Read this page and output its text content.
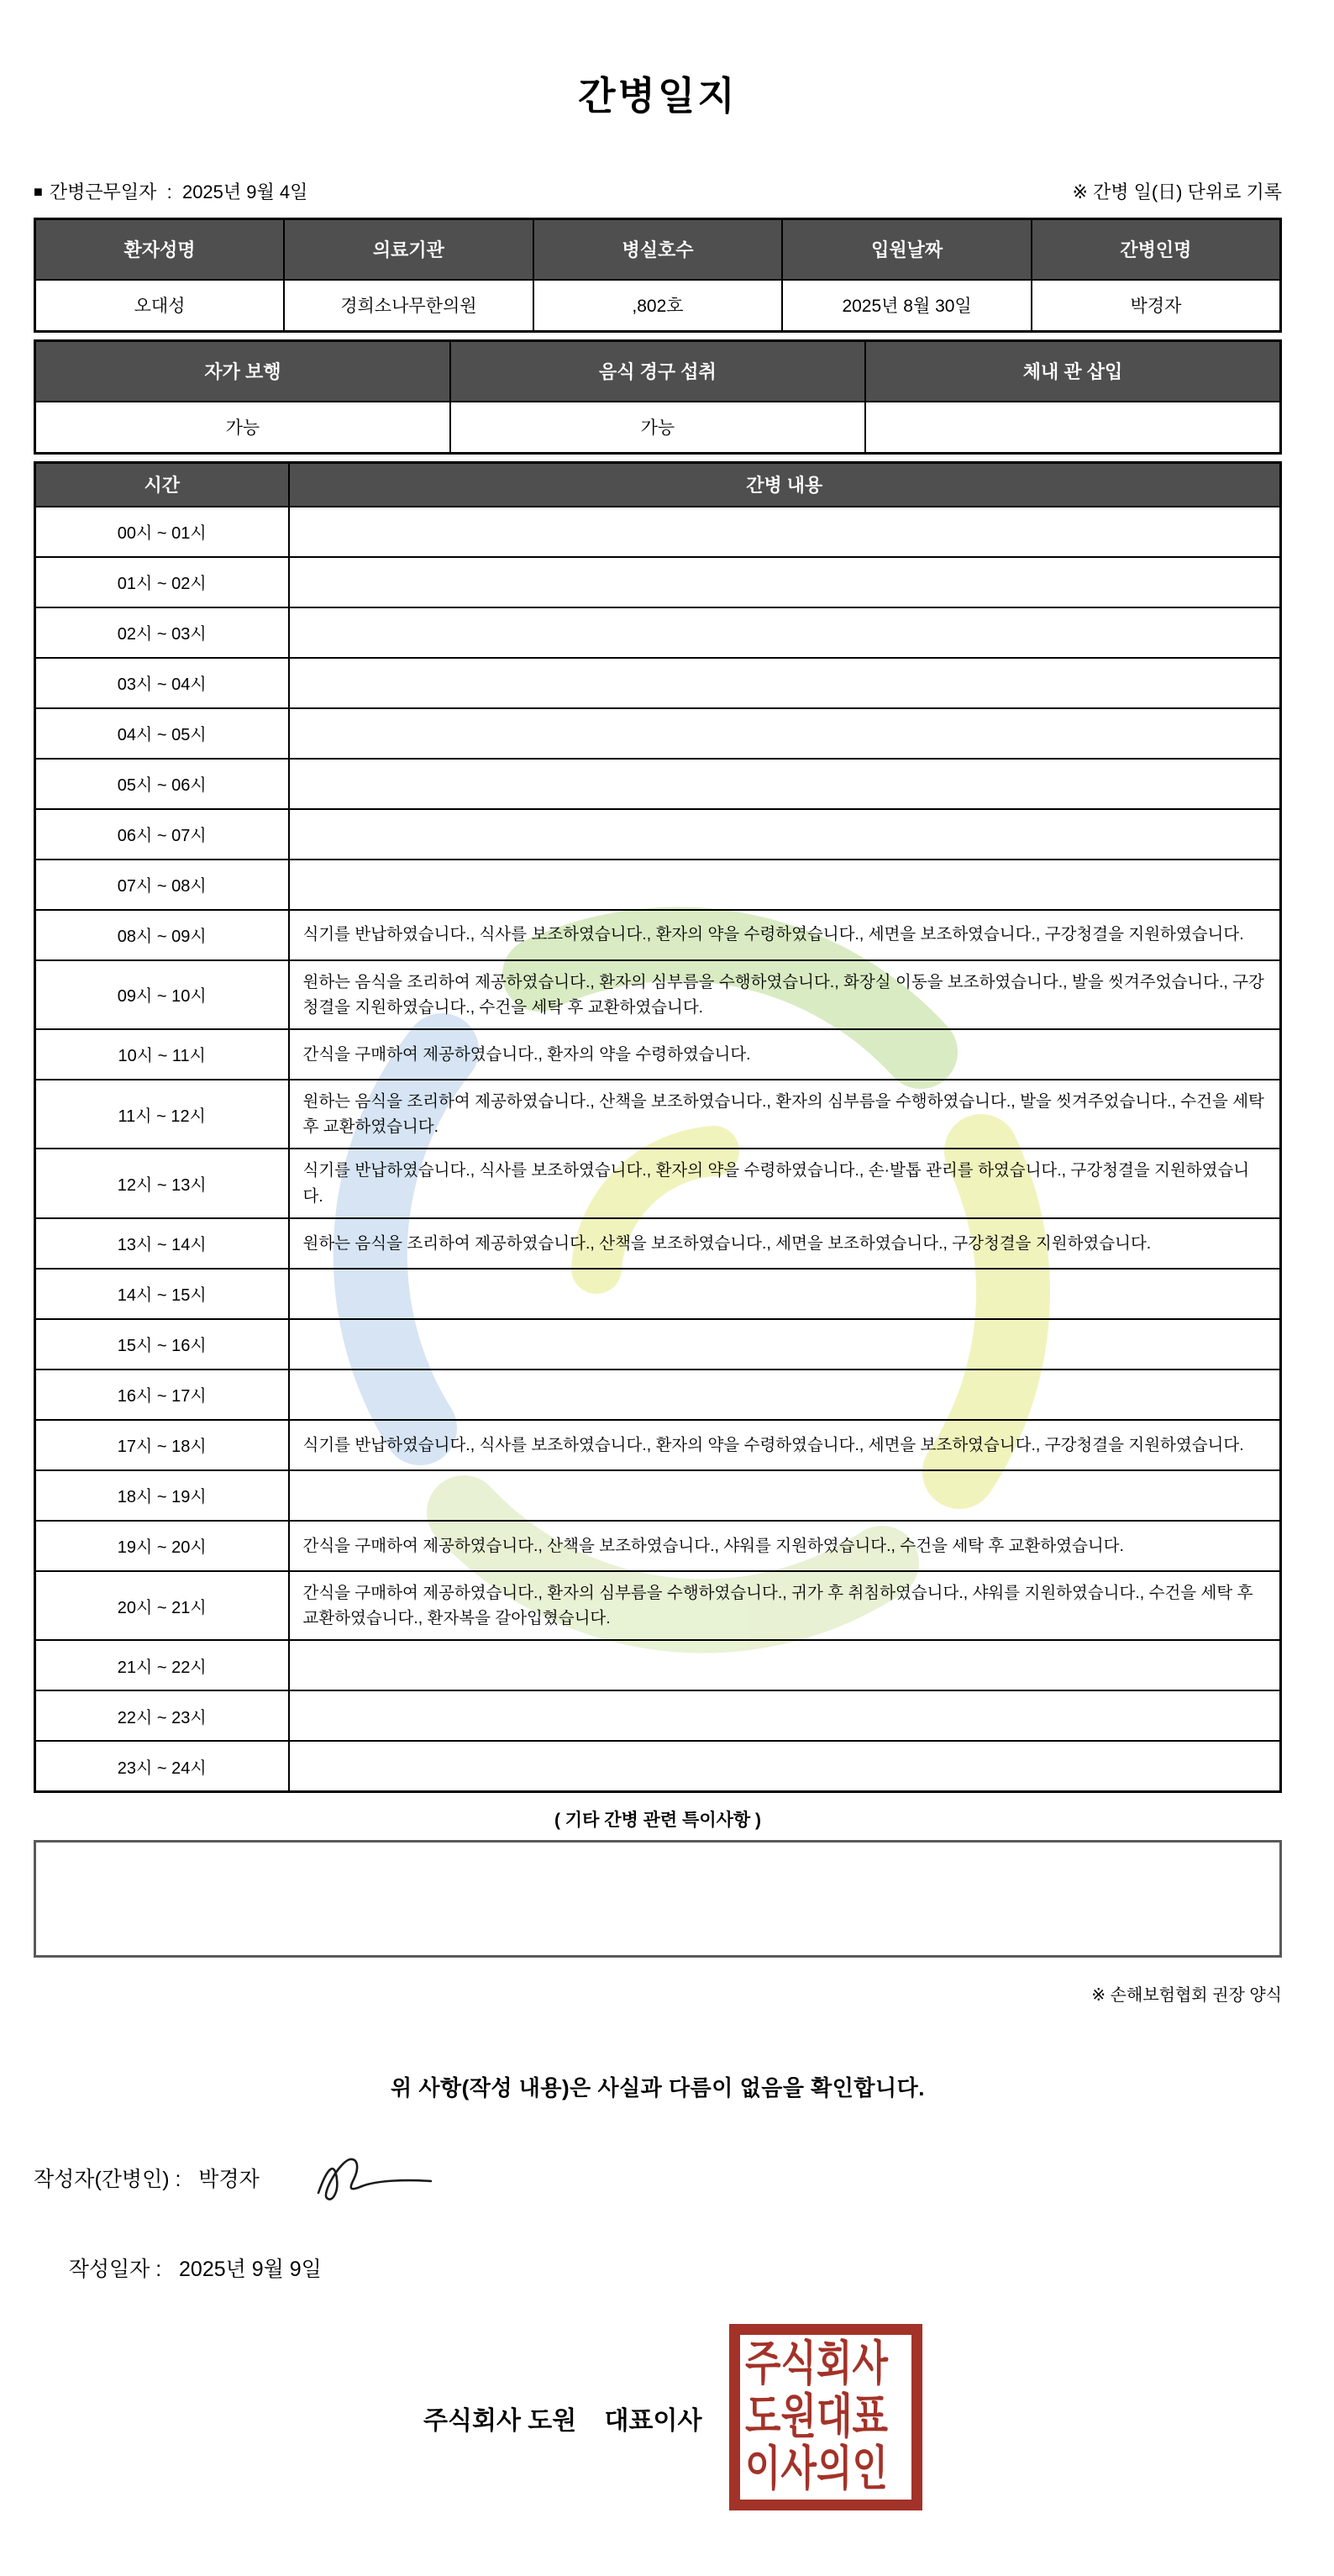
간병일지
■ 간병근무일자  :  2025년 9월 4일	※ 간병 일(日) 단위로 기록
환자성명	의료기관	병실호수	입원날짜	간병인명
오대성	경희소나무한의원	,802호	2025년 8월 30일	박경자
자가 보행	음식 경구 섭취	체내 관 삽입
가능	가능	
시간	간병 내용
00시 ~ 01시	
01시 ~ 02시	
02시 ~ 03시	
03시 ~ 04시	
04시 ~ 05시	
05시 ~ 06시	
06시 ~ 07시	
07시 ~ 08시	
08시 ~ 09시	식기를 반납하였습니다., 식사를 보조하였습니다., 환자의 약을 수령하였습니다., 세면을 보조하였습니다., 구강청결을 지원하였습니다.
09시 ~ 10시	원하는 음식을 조리하여 제공하였습니다., 환자의 심부름을 수행하였습니다., 화장실 이동을 보조하였습니다., 발을 씻겨주었습니다., 구강청결을 지원하였습니다., 수건을 세탁 후 교환하였습니다.
10시 ~ 11시	간식을 구매하여 제공하였습니다., 환자의 약을 수령하였습니다.
11시 ~ 12시	원하는 음식을 조리하여 제공하였습니다., 산책을 보조하였습니다., 환자의 심부름을 수행하였습니다., 발을 씻겨주었습니다., 수건을 세탁 후 교환하였습니다.
12시 ~ 13시	식기를 반납하였습니다., 식사를 보조하였습니다., 환자의 약을 수령하였습니다., 손·발톱 관리를 하였습니다., 구강청결을 지원하였습니다.
13시 ~ 14시	원하는 음식을 조리하여 제공하였습니다., 산책을 보조하였습니다., 세면을 보조하였습니다., 구강청결을 지원하였습니다.
14시 ~ 15시	
15시 ~ 16시	
16시 ~ 17시	
17시 ~ 18시	식기를 반납하였습니다., 식사를 보조하였습니다., 환자의 약을 수령하였습니다., 세면을 보조하였습니다., 구강청결을 지원하였습니다.
18시 ~ 19시	
19시 ~ 20시	간식을 구매하여 제공하였습니다., 산책을 보조하였습니다., 샤워를 지원하였습니다., 수건을 세탁 후 교환하였습니다.
20시 ~ 21시	간식을 구매하여 제공하였습니다., 환자의 심부름을 수행하였습니다., 귀가 후 취침하였습니다., 샤워를 지원하였습니다., 수건을 세탁 후 교환하였습니다., 환자복을 갈아입혔습니다.
21시 ~ 22시	
22시 ~ 23시	
23시 ~ 24시	
( 기타 간병 관련 특이사항 )
※ 손해보험협회 권장 양식
위 사항(작성 내용)은 사실과 다름이 없음을 확인합니다.
작성자(간병인) : 박경자

작성일자 :   2025년 9월 9일

주식회사 도원    대표이사
주식회사
도원대표
이사의인
